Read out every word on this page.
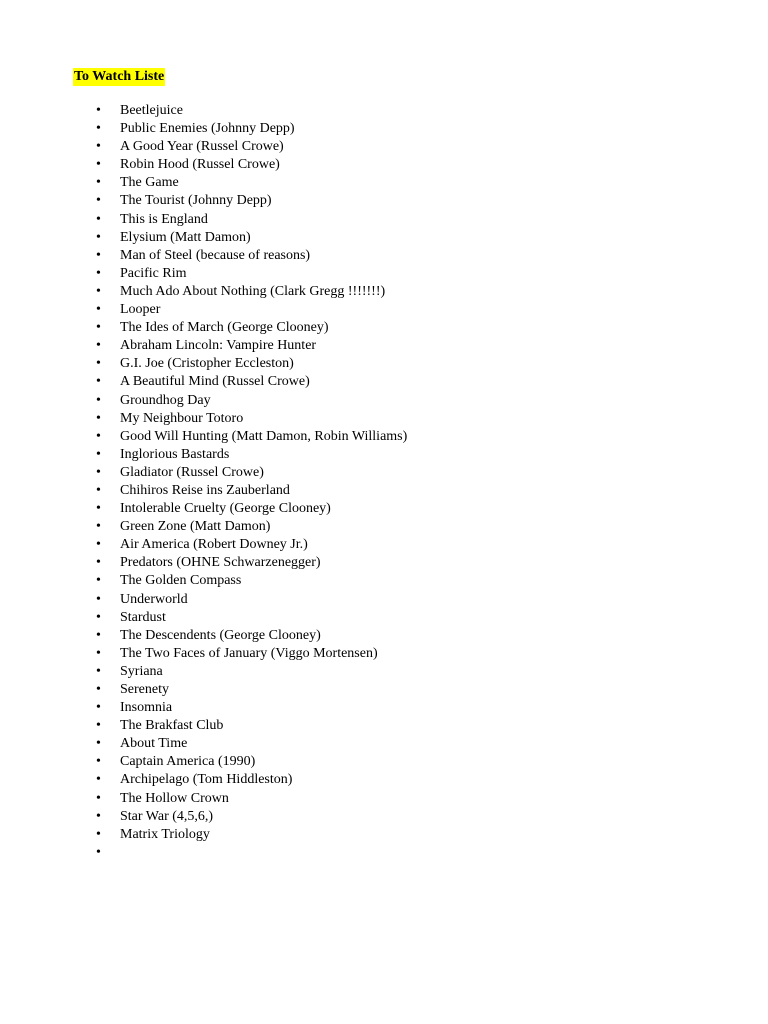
To Watch Liste
• Beetlejuice
• Public Enemies (Johnny Depp)
• A Good Year (Russel Crowe)
• Robin Hood (Russel Crowe)
• The Game
• The Tourist (Johnny Depp)
• This is England
• Elysium (Matt Damon)
• Man of Steel (because of reasons)
• Pacific Rim
• Much Ado About Nothing (Clark Gregg !!!!!!!)
• Looper
• The Ides of March (George Clooney)
• Abraham Lincoln: Vampire Hunter
• G.I. Joe (Cristopher Eccleston)
• A Beautiful Mind (Russel Crowe)
• Groundhog Day
• My Neighbour Totoro
• Good Will Hunting (Matt Damon, Robin Williams)
• Inglorious Bastards
• Gladiator (Russel Crowe)
• Chihiros Reise ins Zauberland
• Intolerable Cruelty (George Clooney)
• Green Zone (Matt Damon)
• Air America (Robert Downey Jr.)
• Predators (OHNE Schwarzenegger)
• The Golden Compass
• Underworld
• Stardust
• The Descendents (George Clooney)
• The Two Faces of January (Viggo Mortensen)
• Syriana
• Serenety
• Insomnia
• The Brakfast Club
• About Time
• Captain America (1990)
• Archipelago (Tom Hiddleston)
• The Hollow Crown
• Star War (4,5,6,)
• Matrix Triology
•
